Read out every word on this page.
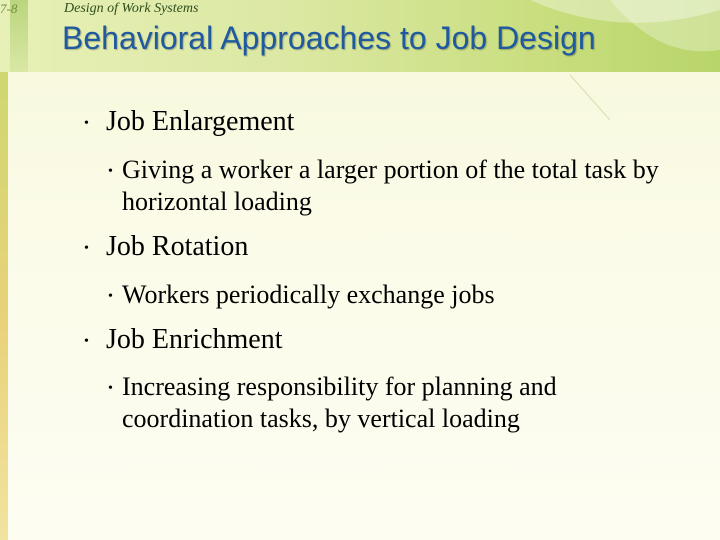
7-8	Design of Work Systems
Behavioral Approaches to Job Design
• Job Enlargement
• Giving a worker a larger portion of the total task by horizontal loading
• Job Rotation
• Workers periodically exchange jobs
• Job Enrichment
• Increasing responsibility for planning and coordination tasks, by vertical loading
